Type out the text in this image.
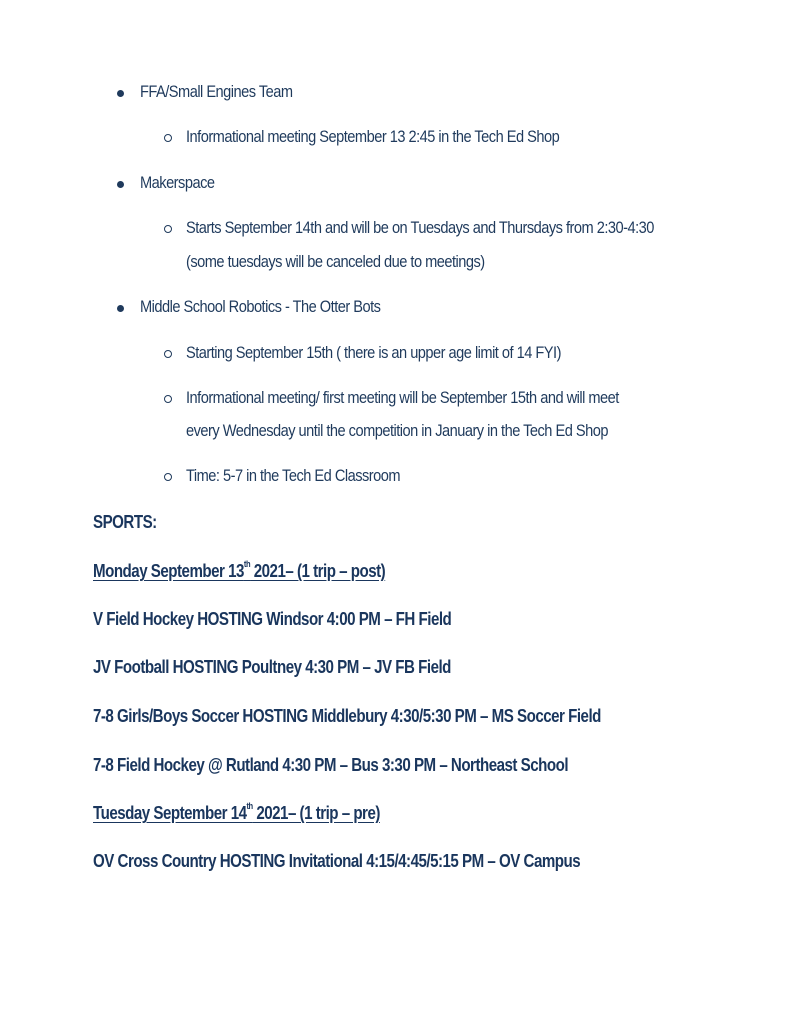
FFA/Small Engines Team
Informational meeting September 13 2:45 in the Tech Ed Shop
Makerspace
Starts September 14th and will be on Tuesdays and Thursdays from 2:30-4:30
(some tuesdays will be canceled due to meetings)
Middle School Robotics - The Otter Bots
Starting September 15th ( there is an upper age limit of 14 FYI)
Informational meeting/ first meeting will be September 15th and will meet
every Wednesday until the competition in January in the Tech Ed Shop
Time: 5-7 in the Tech Ed Classroom
SPORTS:
Monday September 13th 2021– (1 trip – post)
V Field Hockey HOSTING Windsor 4:00 PM – FH Field
JV Football HOSTING Poultney 4:30 PM – JV FB Field
7-8 Girls/Boys Soccer HOSTING Middlebury 4:30/5:30 PM – MS Soccer Field
7-8 Field Hockey @ Rutland 4:30 PM – Bus 3:30 PM – Northeast School
Tuesday September 14th 2021– (1 trip – pre)
OV Cross Country HOSTING Invitational 4:15/4:45/5:15 PM – OV Campus
